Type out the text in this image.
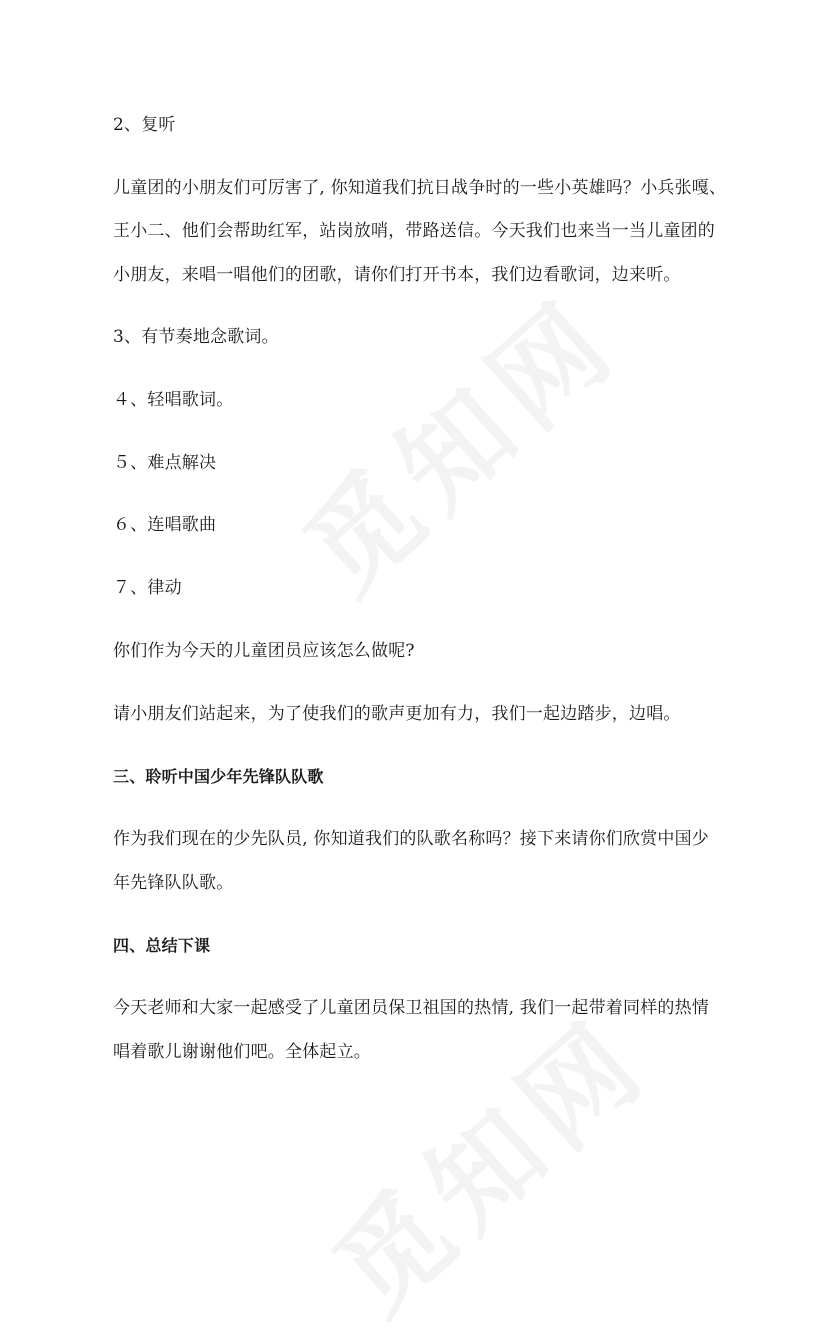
2、复听
儿童团的小朋友们可厉害了, 你知道我们抗日战争时的一些小英雄吗？小兵张嘎、
王小二、他们会帮助红军，站岗放哨，带路送信。今天我们也来当一当儿童团的
小朋友，来唱一唱他们的团歌，请你们打开书本，我们边看歌词，边来听。
3、有节奏地念歌词。
４、轻唱歌词。
５、难点解决
６、连唱歌曲
７、律动
你们作为今天的儿童团员应该怎么做呢?
请小朋友们站起来，为了使我们的歌声更加有力，我们一起边踏步，边唱。
三、聆听中国少年先锋队队歌
作为我们现在的少先队员, 你知道我们的队歌名称吗？接下来请你们欣赏中国少
年先锋队队歌。
四、总结下课
今天老师和大家一起感受了儿童团员保卫祖国的热情, 我们一起带着同样的热情
唱着歌儿谢谢他们吧。全体起立。
